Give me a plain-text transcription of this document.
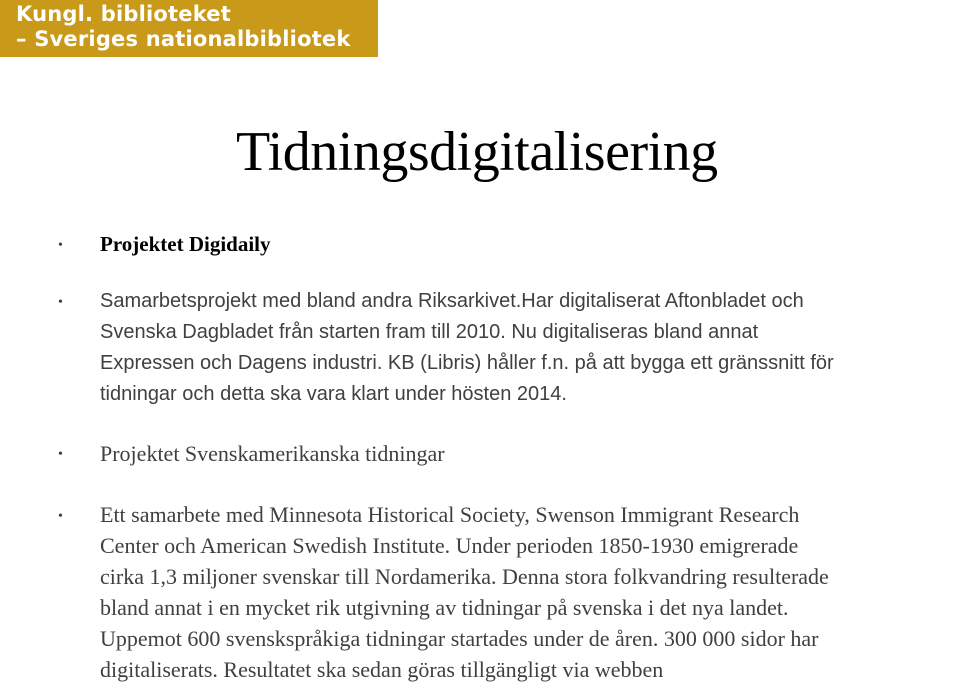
Kungl. biblioteket
– Sveriges nationalbibliotek
Tidningsdigitalisering
• Projektet Digidaily

• Samarbetsprojekt med bland andra Riksarkivet.Har digitaliserat Aftonbladet och
Svenska Dagbladet från starten fram till 2010. Nu digitaliseras bland annat
Expressen och Dagens industri. KB (Libris) håller f.n. på att bygga ett gränssnitt för
tidningar och detta ska vara klart under hösten 2014.

• Projektet Svenskamerikanska tidningar

• Ett samarbete med Minnesota Historical Society, Swenson Immigrant Research
Center och American Swedish Institute. Under perioden 1850-1930 emigrerade
cirka 1,3 miljoner svenskar till Nordamerika. Denna stora folkvandring resulterade
bland annat i en mycket rik utgivning av tidningar på svenska i det nya landet.
Uppemot 600 svenskspråkiga tidningar startades under de åren. 300 000 sidor har
digitaliserats. Resultatet ska sedan göras tillgängligt via webben
